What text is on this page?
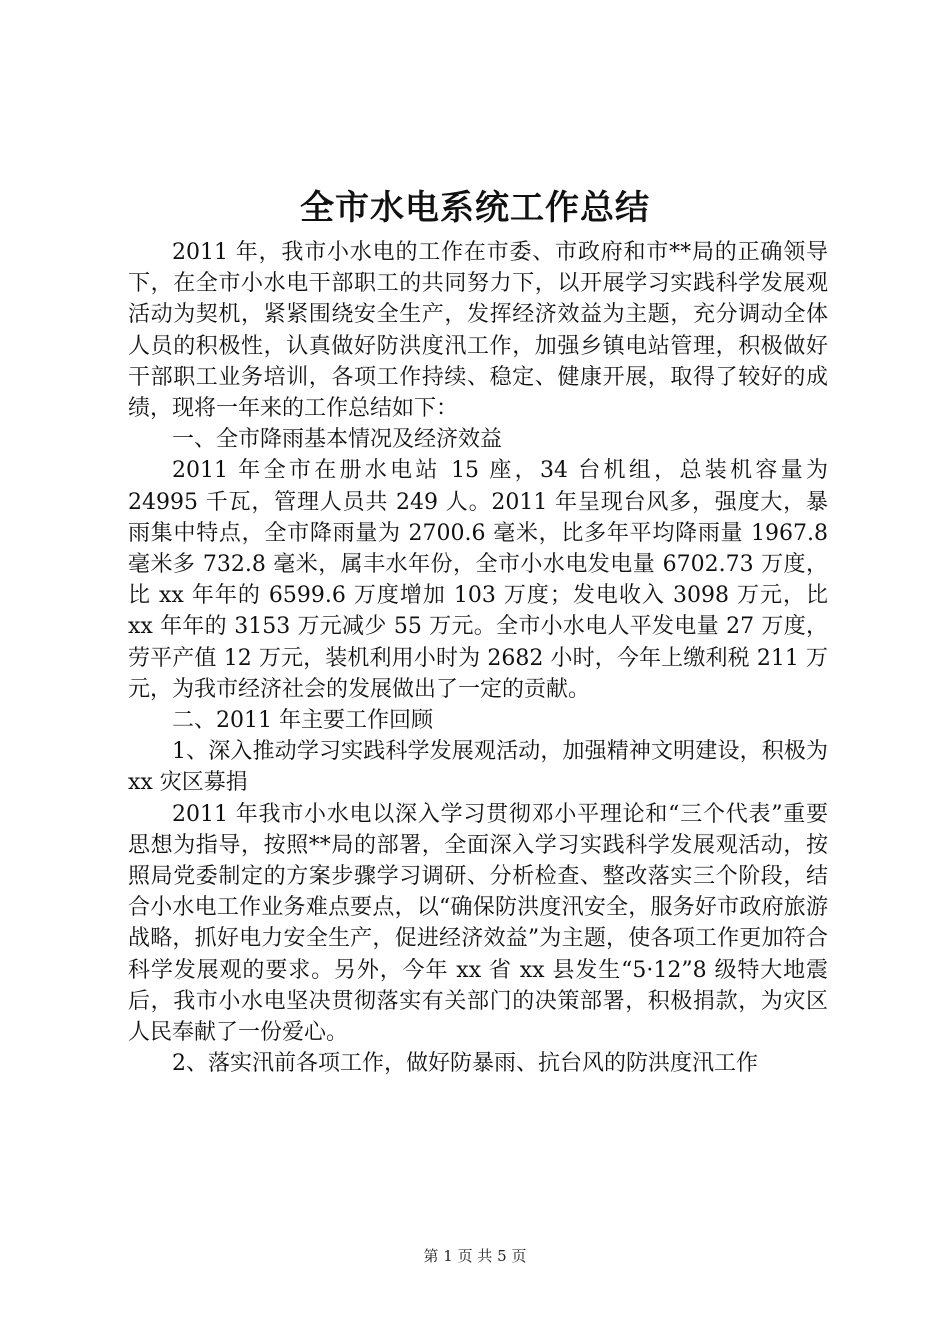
全市水电系统工作总结

2011 年，我市小水电的工作在市委、市政府和市**局的正确领导下，在全市小水电干部职工的共同努力下，以开展学习实践科学发展观活动为契机，紧紧围绕安全生产，发挥经济效益为主题，充分调动全体人员的积极性，认真做好防洪度汛工作，加强乡镇电站管理，积极做好干部职工业务培训，各项工作持续、稳定、健康开展，取得了较好的成绩，现将一年来的工作总结如下：

一、全市降雨基本情况及经济效益

2011 年全市在册水电站 15 座，34 台机组，总装机容量为 24995 千瓦，管理人员共 249 人。2011 年呈现台风多，强度大，暴雨集中特点，全市降雨量为 2700.6 毫米，比多年平均降雨量 1967.8 毫米多 732.8 毫米，属丰水年份，全市小水电发电量 6702.73 万度，比 xx 年年的 6599.6 万度增加 103 万度；发电收入 3098 万元，比 xx 年年的 3153 万元减少 55 万元。全市小水电人平发电量 27 万度，劳平产值 12 万元，装机利用小时为 2682 小时，今年上缴利税 211 万元，为我市经济社会的发展做出了一定的贡献。

二、2011 年主要工作回顾

1、深入推动学习实践科学发展观活动，加强精神文明建设，积极为 xx 灾区募捐

2011 年我市小水电以深入学习贯彻邓小平理论和“三个代表”重要思想为指导，按照**局的部署，全面深入学习实践科学发展观活动，按照局党委制定的方案步骤学习调研、分析检查、整改落实三个阶段，结合小水电工作业务难点要点，以“确保防洪度汛安全，服务好市政府旅游战略，抓好电力安全生产，促进经济效益”为主题，使各项工作更加符合科学发展观的要求。另外，今年 xx 省 xx 县发生“5·12”8 级特大地震后，我市小水电坚决贯彻落实有关部门的决策部署，积极捐款，为灾区人民奉献了一份爱心。

2、落实汛前各项工作，做好防暴雨、抗台风的防洪度汛工作

第 1 页 共 5 页
